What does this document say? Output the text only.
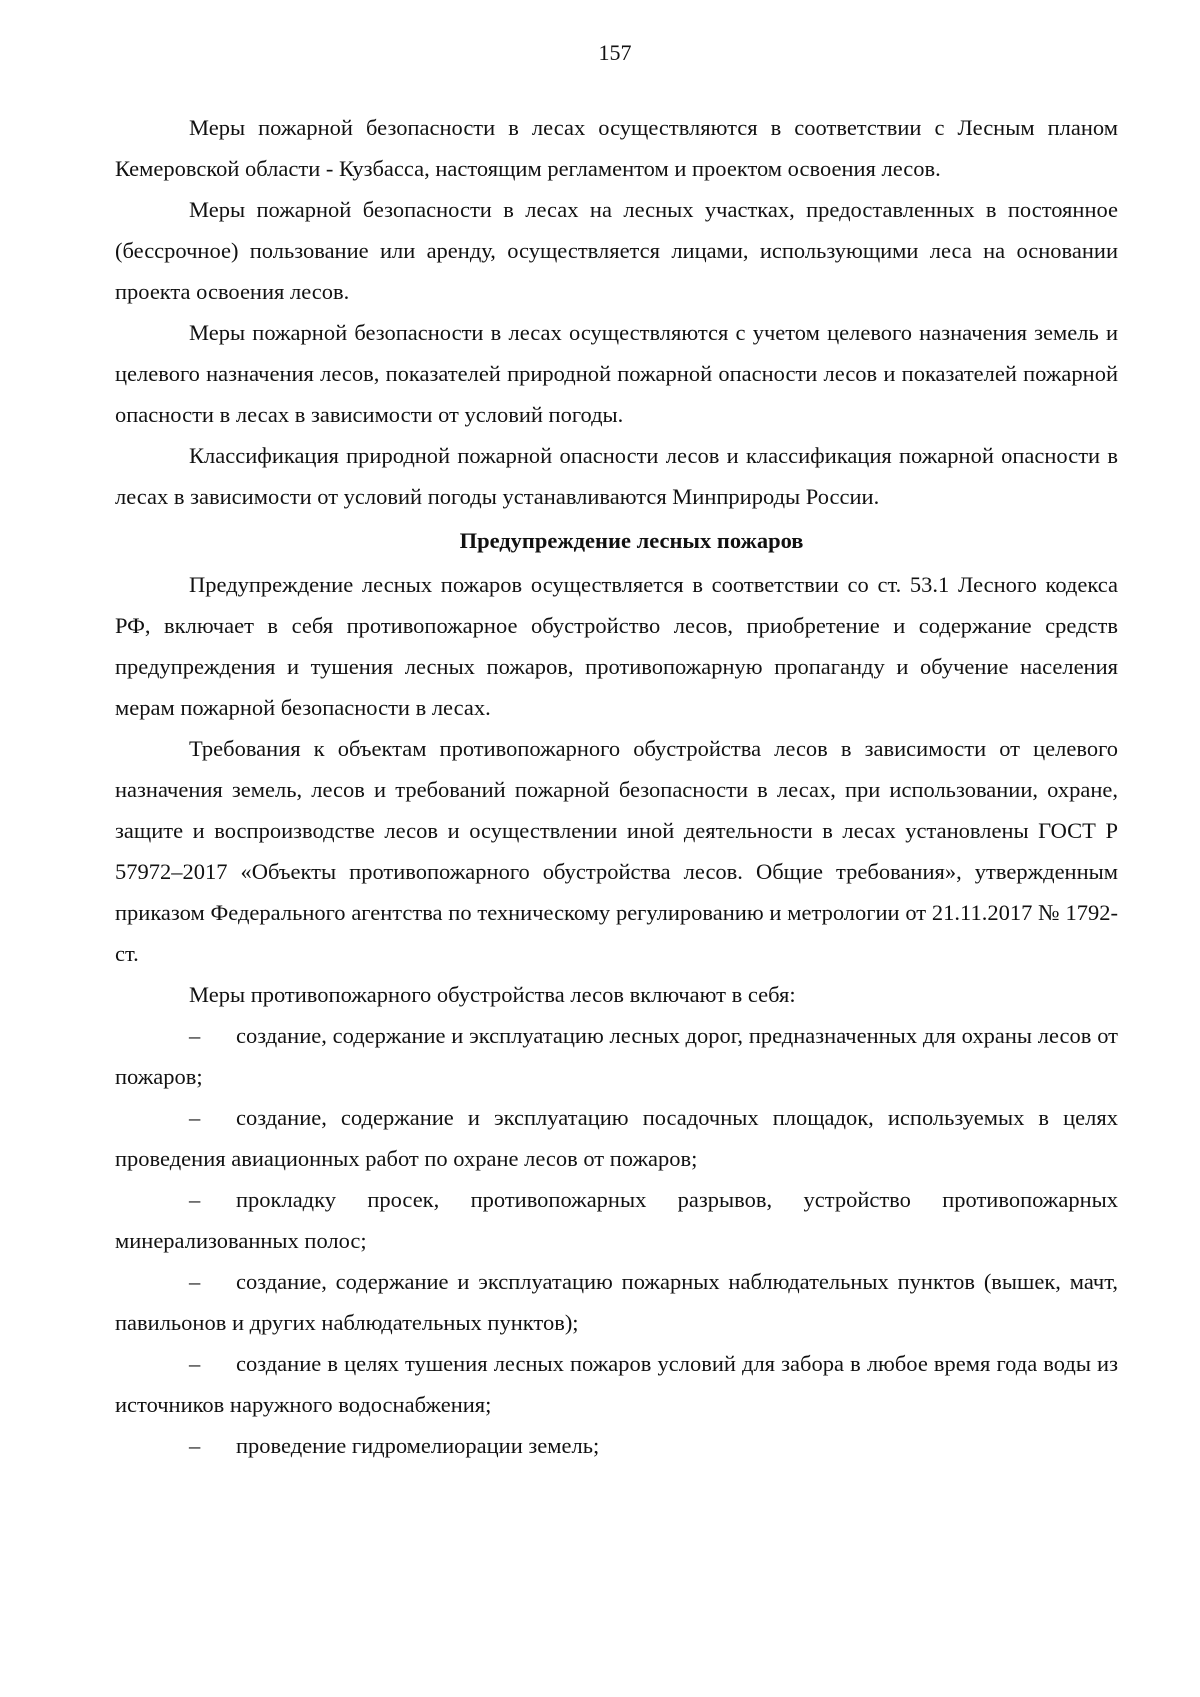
157

Меры пожарной безопасности в лесах осуществляются в соответствии с Лесным планом Кемеровской области - Кузбасса, настоящим регламентом и проектом освоения лесов.

Меры пожарной безопасности в лесах на лесных участках, предоставленных в постоянное (бессрочное) пользование или аренду, осуществляется лицами, использующими леса на основании проекта освоения лесов.

Меры пожарной безопасности в лесах осуществляются с учетом целевого назначения земель и целевого назначения лесов, показателей природной пожарной опасности лесов и показателей пожарной опасности в лесах в зависимости от условий погоды.

Классификация природной пожарной опасности лесов и классификация пожарной опасности в лесах в зависимости от условий погоды устанавливаются Минприроды России.

Предупреждение лесных пожаров

Предупреждение лесных пожаров осуществляется в соответствии со ст. 53.1 Лесного кодекса РФ, включает в себя противопожарное обустройство лесов, приобретение и содержание средств предупреждения и тушения лесных пожаров, противопожарную пропаганду и обучение населения мерам пожарной безопасности в лесах.

Требования к объектам противопожарного обустройства лесов в зависимости от целевого назначения земель, лесов и требований пожарной безопасности в лесах, при использовании, охране, защите и воспроизводстве лесов и осуществлении иной деятельности в лесах установлены ГОСТ Р 57972–2017 «Объекты противопожарного обустройства лесов. Общие требования», утвержденным приказом Федерального агентства по техническому регулированию и метрологии от 21.11.2017 № 1792-ст.

Меры противопожарного обустройства лесов включают в себя:

– создание, содержание и эксплуатацию лесных дорог, предназначенных для охраны лесов от пожаров;

– создание, содержание и эксплуатацию посадочных площадок, используемых в целях проведения авиационных работ по охране лесов от пожаров;

– прокладку просек, противопожарных разрывов, устройство противопожарных минерализованных полос;

– создание, содержание и эксплуатацию пожарных наблюдательных пунктов (вышек, мачт, павильонов и других наблюдательных пунктов);

– создание в целях тушения лесных пожаров условий для забора в любое время года воды из источников наружного водоснабжения;

– проведение гидромелиорации земель;
